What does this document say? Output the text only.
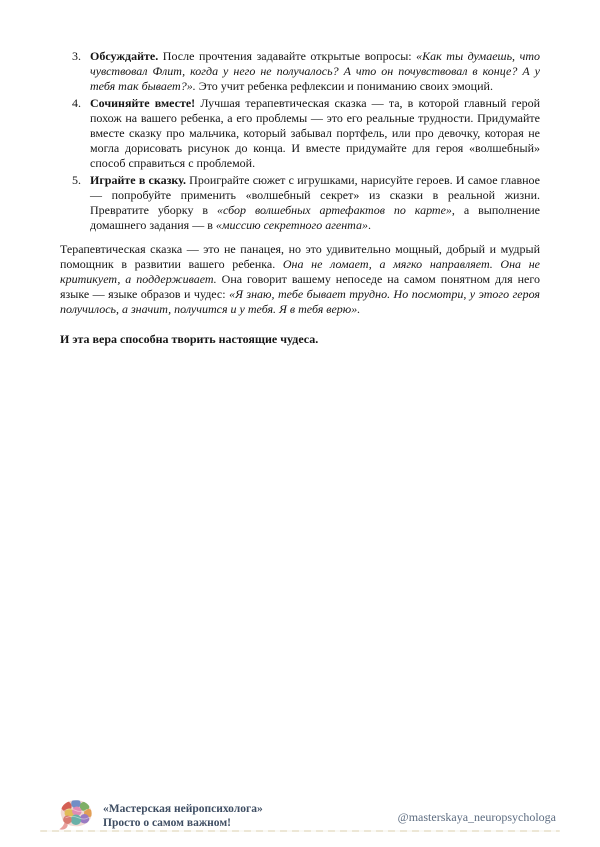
3. Обсуждайте. После прочтения задавайте открытые вопросы: «Как ты думаешь, что чувствовал Флит, когда у него не получалось? А что он почувствовал в конце? А у тебя так бывает?». Это учит ребенка рефлексии и пониманию своих эмоций.
4. Сочиняйте вместе! Лучшая терапевтическая сказка — та, в которой главный герой похож на вашего ребенка, а его проблемы — это его реальные трудности. Придумайте вместе сказку про мальчика, который забывал портфель, или про девочку, которая не могла дорисовать рисунок до конца. И вместе придумайте для героя «волшебный» способ справиться с проблемой.
5. Играйте в сказку. Проиграйте сюжет с игрушками, нарисуйте героев. И самое главное — попробуйте применить «волшебный секрет» из сказки в реальной жизни. Превратите уборку в «сбор волшебных артефактов по карте», а выполнение домашнего задания — в «миссию секретного агента».
Терапевтическая сказка — это не панацея, но это удивительно мощный, добрый и мудрый помощник в развитии вашего ребенка. Она не ломает, а мягко направляет. Она не критикует, а поддерживает. Она говорит вашему непоседе на самом понятном для него языке — языке образов и чудес: «Я знаю, тебе бывает трудно. Но посмотри, у этого героя получилось, а значит, получится и у тебя. Я в тебя верю».
И эта вера способна творить настоящие чудеса.
«Мастерская нейропсихолога»
Просто о самом важном!	@masterskaya_neuropsychologa
